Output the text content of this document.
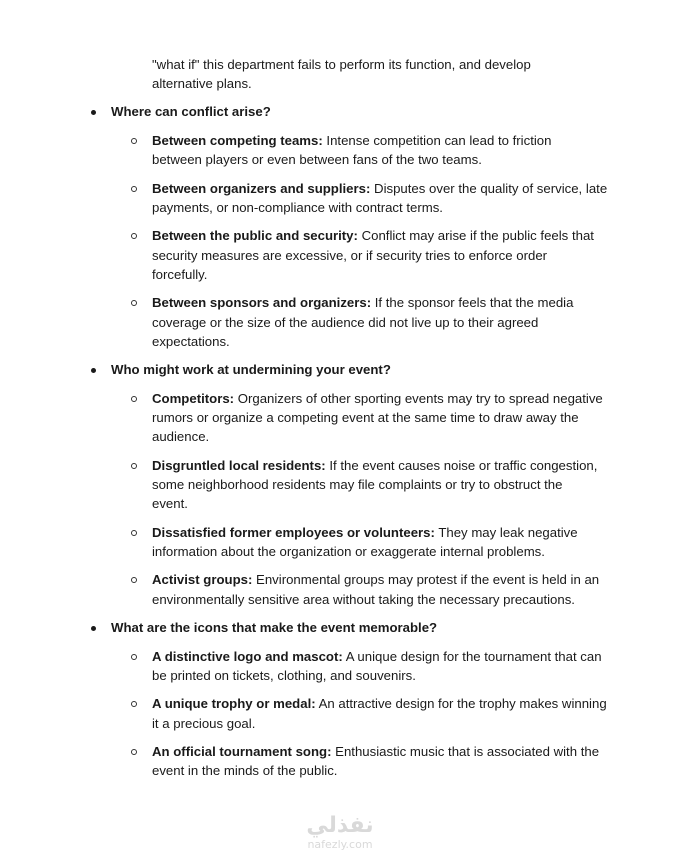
"what if" this department fails to perform its function, and develop
alternative plans.
Where can conflict arise?
Between competing teams: Intense competition can lead to friction
between players or even between fans of the two teams.
Between organizers and suppliers: Disputes over the quality of service, late
payments, or non-compliance with contract terms.
Between the public and security: Conflict may arise if the public feels that
security measures are excessive, or if security tries to enforce order
forcefully.
Between sponsors and organizers: If the sponsor feels that the media
coverage or the size of the audience did not live up to their agreed
expectations.
Who might work at undermining your event?
Competitors: Organizers of other sporting events may try to spread negative
rumors or organize a competing event at the same time to draw away the
audience.
Disgruntled local residents: If the event causes noise or traffic congestion,
some neighborhood residents may file complaints or try to obstruct the
event.
Dissatisfied former employees or volunteers: They may leak negative
information about the organization or exaggerate internal problems.
Activist groups: Environmental groups may protest if the event is held in an
environmentally sensitive area without taking the necessary precautions.
What are the icons that make the event memorable?
A distinctive logo and mascot: A unique design for the tournament that can
be printed on tickets, clothing, and souvenirs.
A unique trophy or medal: An attractive design for the trophy makes winning
it a precious goal.
An official tournament song: Enthusiastic music that is associated with the
event in the minds of the public.
نفذلي
nafezly.com
